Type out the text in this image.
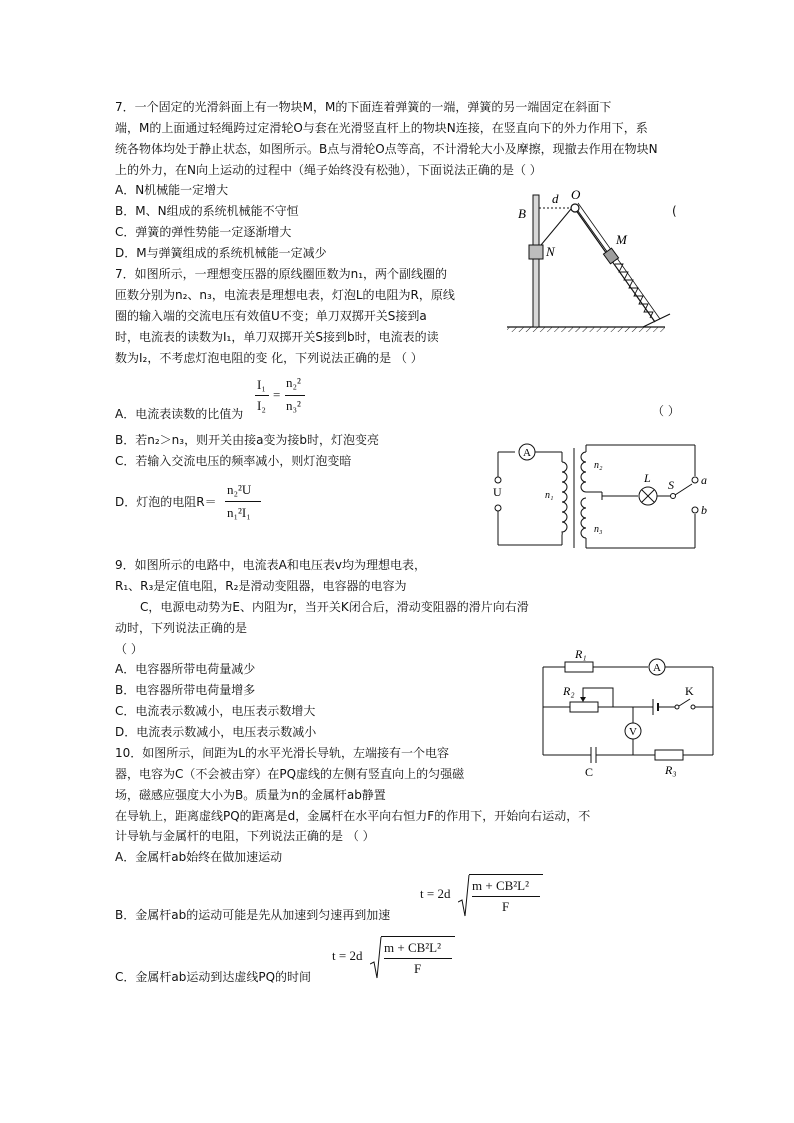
7．一个固定的光滑斜面上有一物块M，M的下面连着弹簧的一端，弹簧的另一端固定在斜面下
端，M的上面通过轻绳跨过定滑轮O与套在光滑竖直杆上的物块N连接，在竖直向下的外力作用下，系
统各物体均处于静止状态，如图所示。B点与滑轮O点等高，不计滑轮大小及摩擦，现撤去作用在物块N
上的外力，在N向上运动的过程中（绳子始终没有松弛），下面说法正确的是（ ）
A．N机械能一定增大
B．M、N组成的系统机械能不守恒
C．弹簧的弹性势能一定逐渐增大
D．M与弹簧组成的系统机械能一定减少
(
B
d O
M
N
7．如图所示，一理想变压器的原线圈匝数为n₁，两个副线圈的
匝数分别为n₂、n₃，电流表是理想电表，灯泡L的电阻为R，原线
圈的输入端的交流电压有效值U不变；单刀双掷开关S接到a
时，电流表的读数为I₁，单刀双掷开关S接到b时，电流表的读
数为I₂，不考虑灯泡电阻的变 化，下列说法正确的是 （ ）
A．电流表读数的比值为
I₁
I₂
=
n₂²
n₃²	（ ）
B．若n₂＞n₃，则开关由接a变为接b时，灯泡变亮
C．若输入交流电压的频率减小，则灯泡变暗
D．灯泡的电阻R＝
n₂²U
n₁²I₁
A
U	n₁
n₂
n₃
a
L S
b
9．如图所示的电路中，电流表A和电压表v均为理想电表，
R₁、R₃是定值电阻，R₂是滑动变阻器，电容器的电容为
C，电源电动势为E、内阻为r，当开关K闭合后，滑动变阻器的滑片向右滑
动时，下列说法正确的是
（ ）
A．电容器所带电荷量减少
B．电容器所带电荷量增多
C．电流表示数减小，电压表示数增大
D．电流表示数减小，电压表示数减小
R₁
A
R₂	K
V
C	R₃
10．如图所示，间距为L的水平光滑长导轨，左端接有一个电容
器，电容为C（不会被击穿）在PQ虚线的左侧有竖直向上的匀强磁
场，磁感应强度大小为B。质量为n的金属杆ab静置
在导轨上，距离虚线PQ的距离是d，金属杆在水平向右恒力F的作用下，开始向右运动，不
计导轨与金属杆的电阻，下列说法正确的是 （ ）
A．金属杆ab始终在做加速运动
B．金属杆ab的运动可能是先从加速到匀速再到加速
t = 2d
m + CB²L²
F
C．金属杆ab运动到达虚线PQ的时间
t = 2d
m + CB²L²
F
